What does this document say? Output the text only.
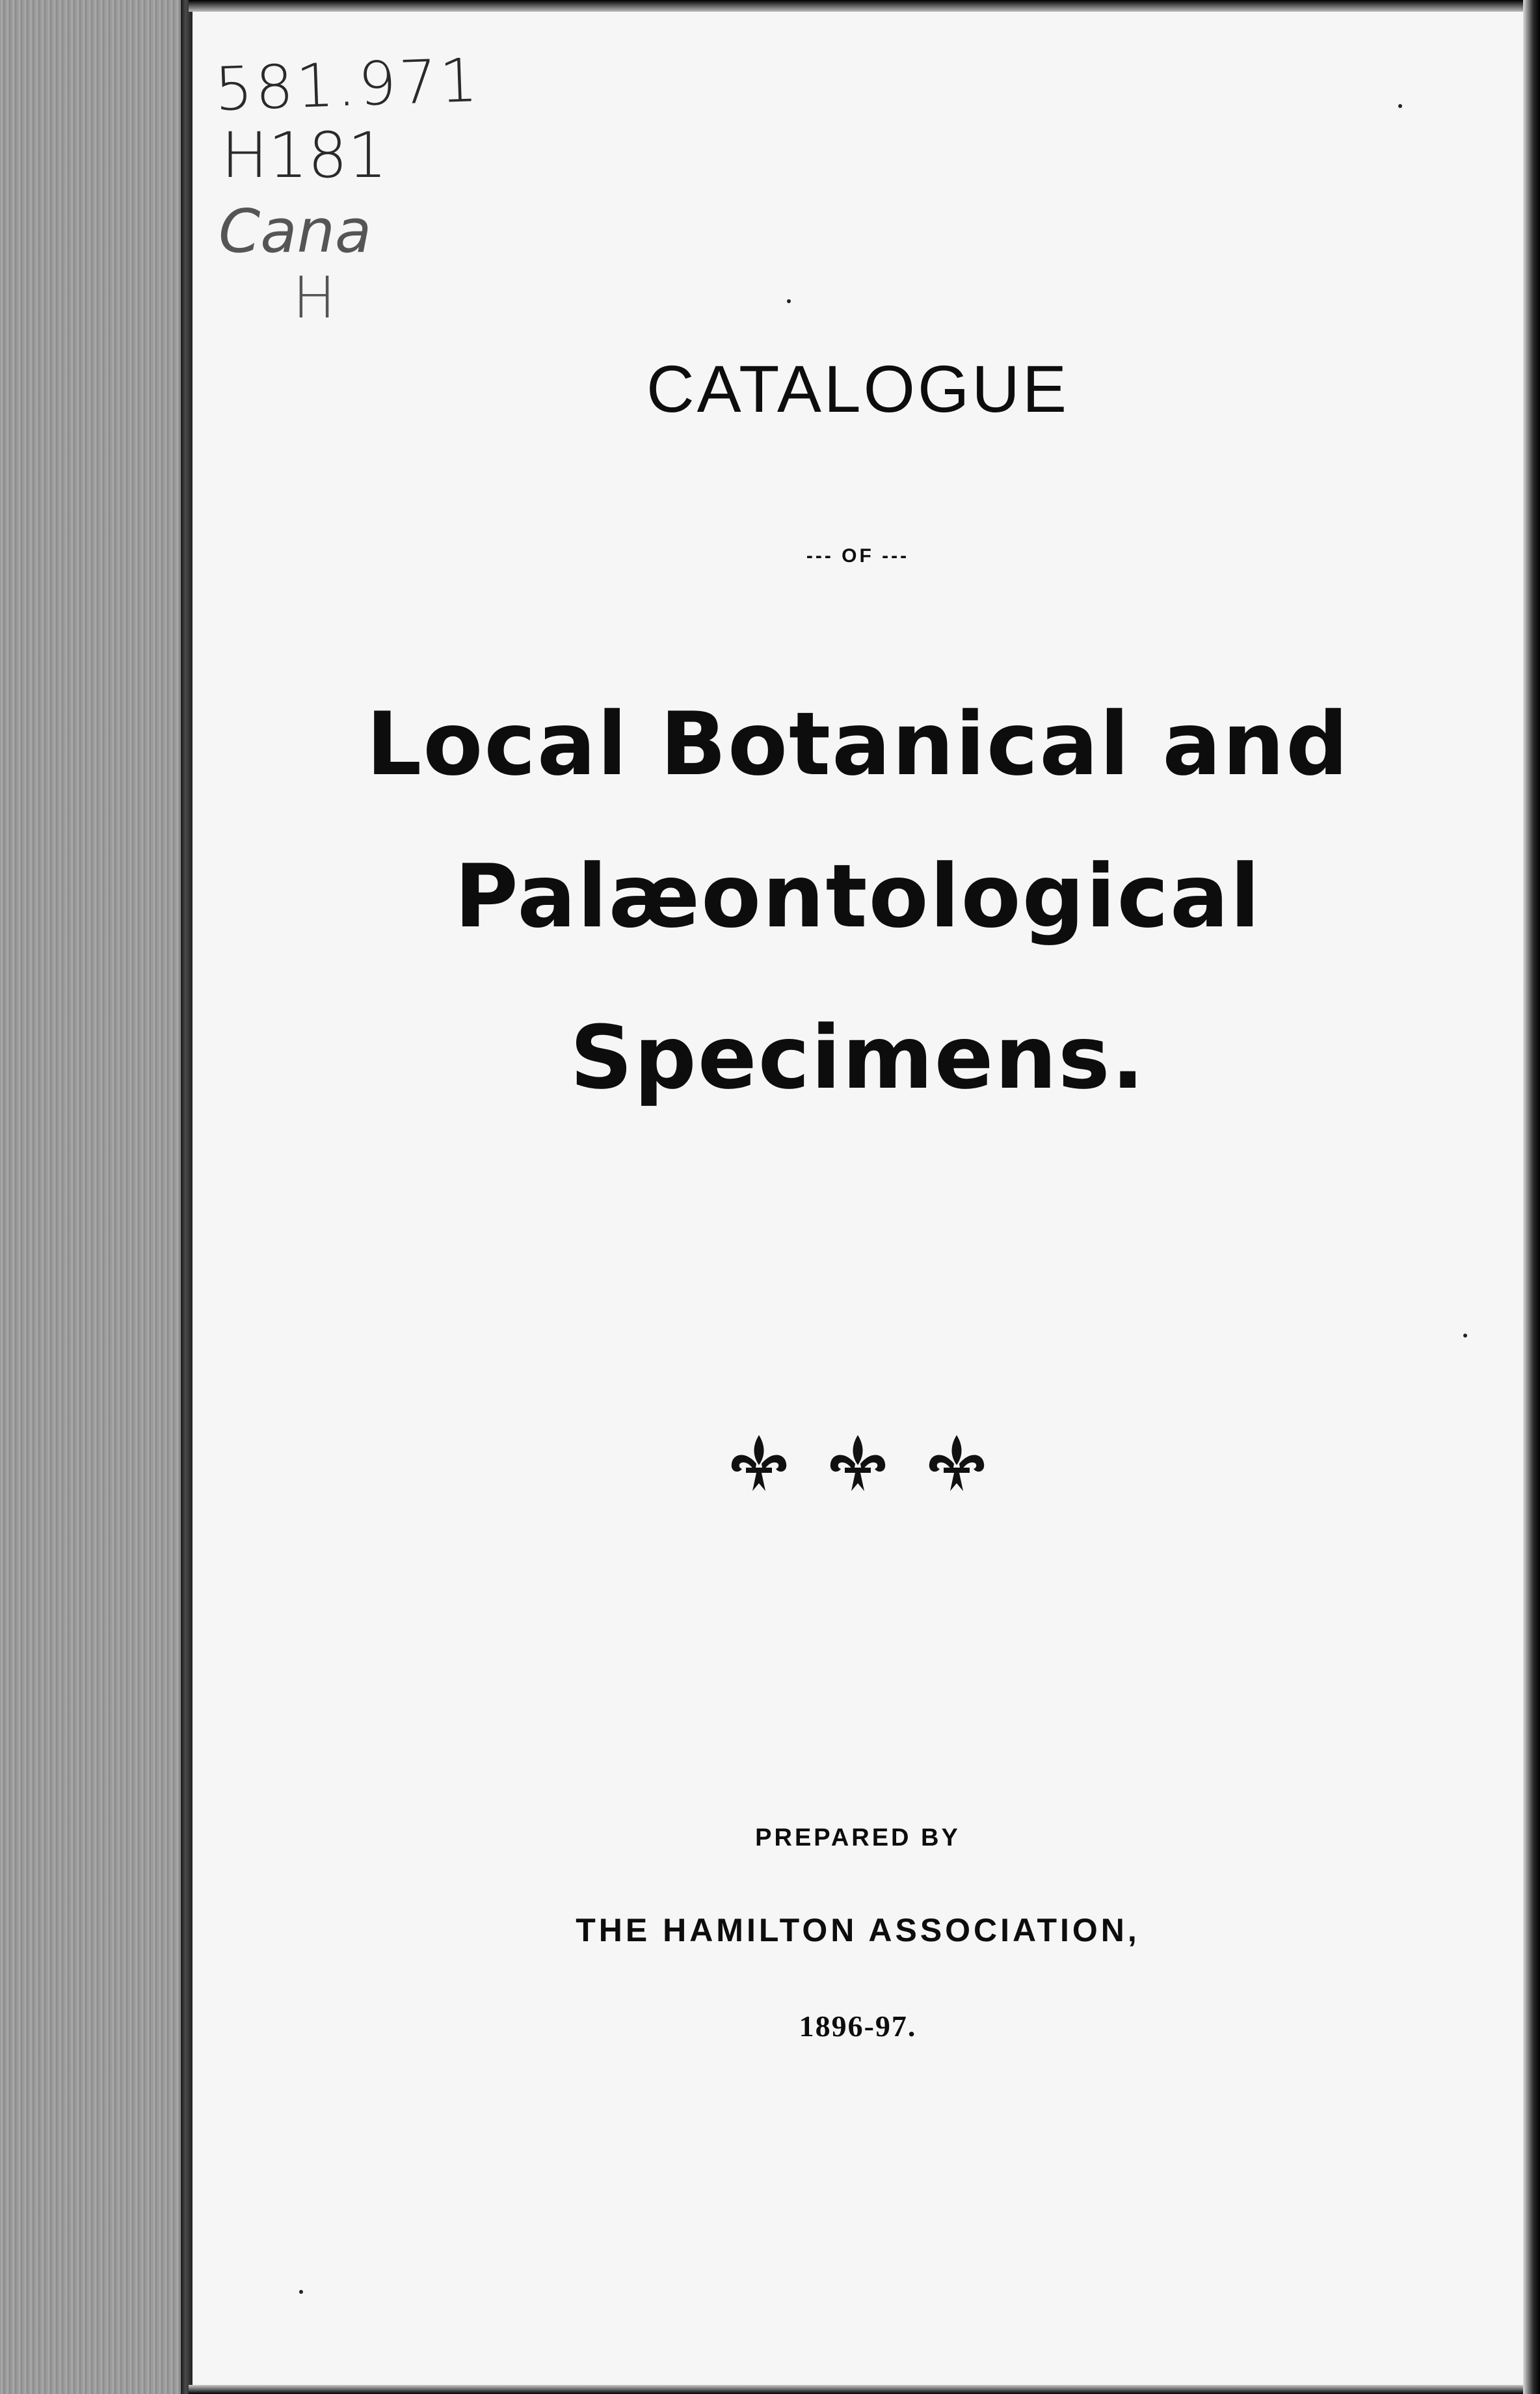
581.971
H181
Cana
H
CATALOGUE
--- OF ---
Local Botanical and
Palæontological
Specimens.
PREPARED BY
THE HAMILTON ASSOCIATION,
1896-97.
